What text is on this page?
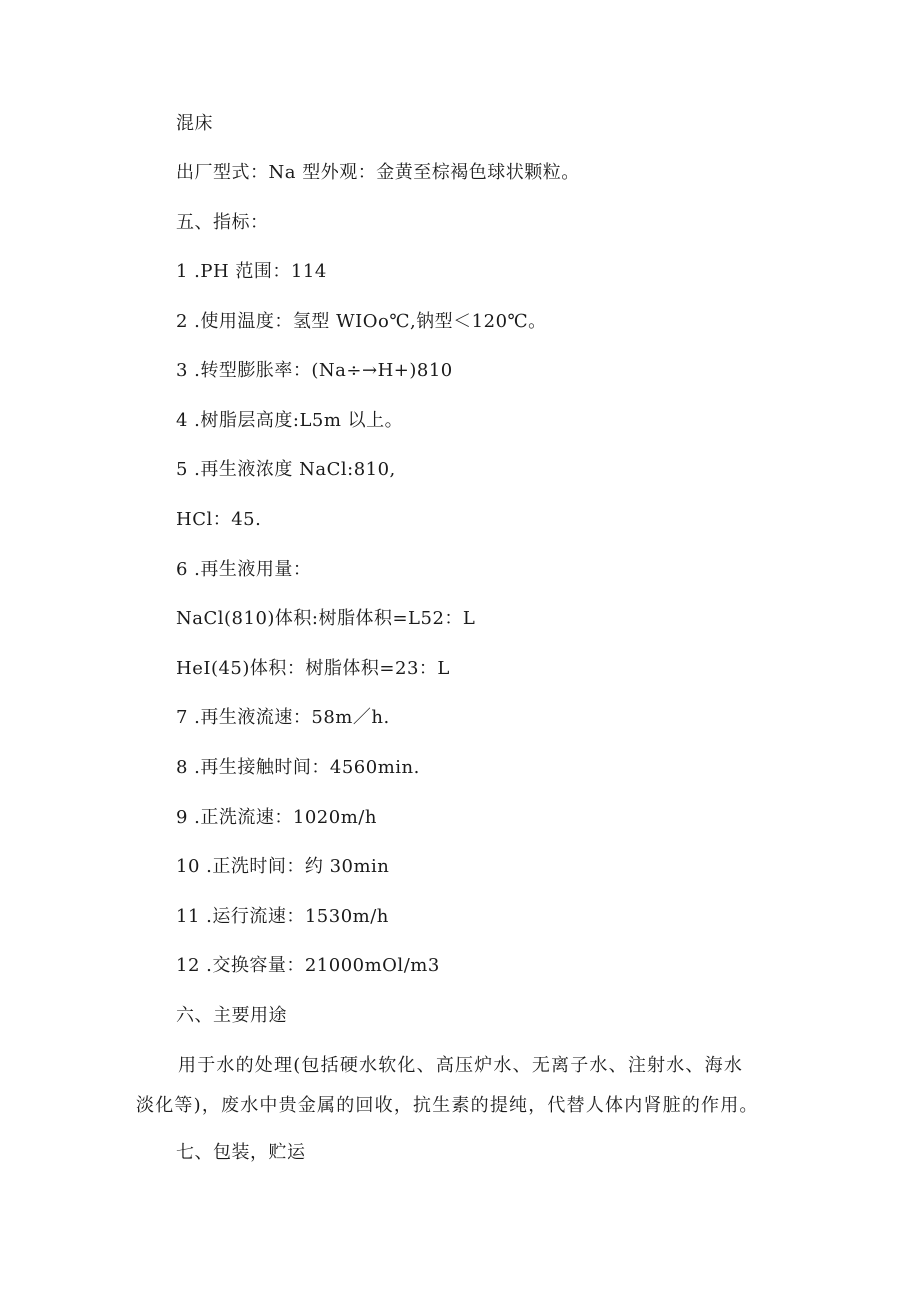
混床
出厂型式：Na 型外观：金黄至棕褐色球状颗粒。
五、指标：
1 .PH 范围：114
2 .使用温度：氢型 WIOo℃,钠型＜120℃。
3 .转型膨胀率：(Na÷→H+)810
4 .树脂层高度:L5m 以上。
5 .再生液浓度 NaCl:810,
HCl：45.
6 .再生液用量：
NaCl(810)体积:树脂体积=L52：L
HeI(45)体积：树脂体积=23：L
7 .再生液流速：58m／h.
8 .再生接触时间：4560min.
9 .正洗流速：1020m/h
10 .正洗时间：约 30min
11 .运行流速：1530m/h
12 .交换容量：21000mOl/m3
六、主要用途
用于水的处理(包括硬水软化、高压炉水、无离子水、注射水、海水
淡化等)，废水中贵金属的回收，抗生素的提纯，代替人体内肾脏的作用。
七、包装，贮运
